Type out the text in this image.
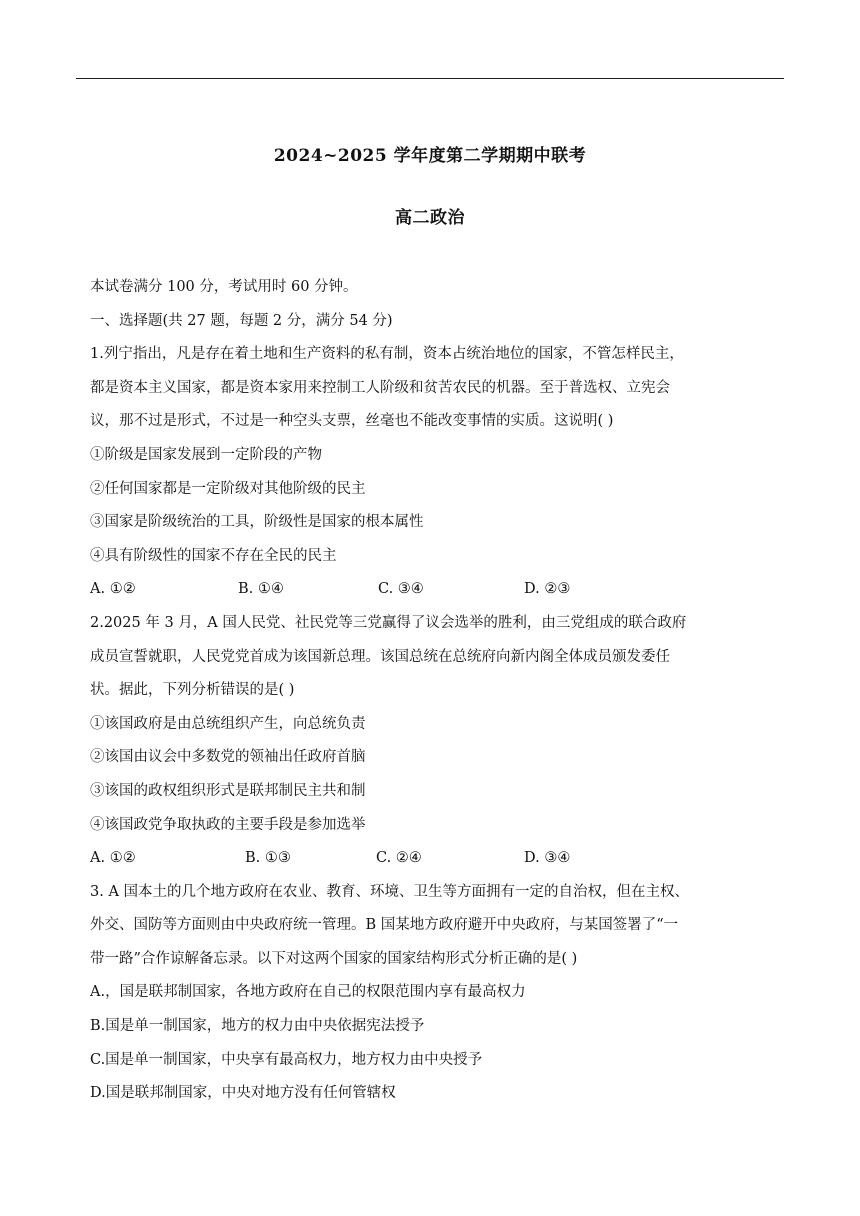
2024~2025 学年度第二学期期中联考
高二政治
本试卷满分 100 分，考试用时 60 分钟。
一、选择题(共 27 题，每题 2 分，满分 54 分)
1.列宁指出，凡是存在着土地和生产资料的私有制，资本占统治地位的国家，不管怎样民主，
都是资本主义国家，都是资本家用来控制工人阶级和贫苦农民的机器。至于普选权、立宪会
议，那不过是形式，不过是一种空头支票，丝毫也不能改变事情的实质。这说明( )
①阶级是国家发展到一定阶段的产物
②任何国家都是一定阶级对其他阶级的民主
③国家是阶级统治的工具，阶级性是国家的根本属性
④具有阶级性的国家不存在全民的民主
A. ①②	B. ①④	C. ③④	D. ②③
2.2025 年 3 月，A 国人民党、社民党等三党赢得了议会选举的胜利，由三党组成的联合政府
成员宣誓就职，人民党党首成为该国新总理。该国总统在总统府向新内阁全体成员颁发委任
状。据此，下列分析错误的是( )
①该国政府是由总统组织产生，向总统负责
②该国由议会中多数党的领袖出任政府首脑
③该国的政权组织形式是联邦制民主共和制
④该国政党争取执政的主要手段是参加选举
A. ①②	B. ①③	C. ②④	D. ③④
3. A 国本土的几个地方政府在农业、教育、环境、卫生等方面拥有一定的自治权，但在主权、
外交、国防等方面则由中央政府统一管理。B 国某地方政府避开中央政府，与某国签署了“一
带一路”合作谅解备忘录。以下对这两个国家的国家结构形式分析正确的是( )
A.，国是联邦制国家，各地方政府在自己的权限范围内享有最高权力
B.国是单一制国家，地方的权力由中央依据宪法授予
C.国是单一制国家，中央享有最高权力，地方权力由中央授予
D.国是联邦制国家，中央对地方没有任何管辖权
